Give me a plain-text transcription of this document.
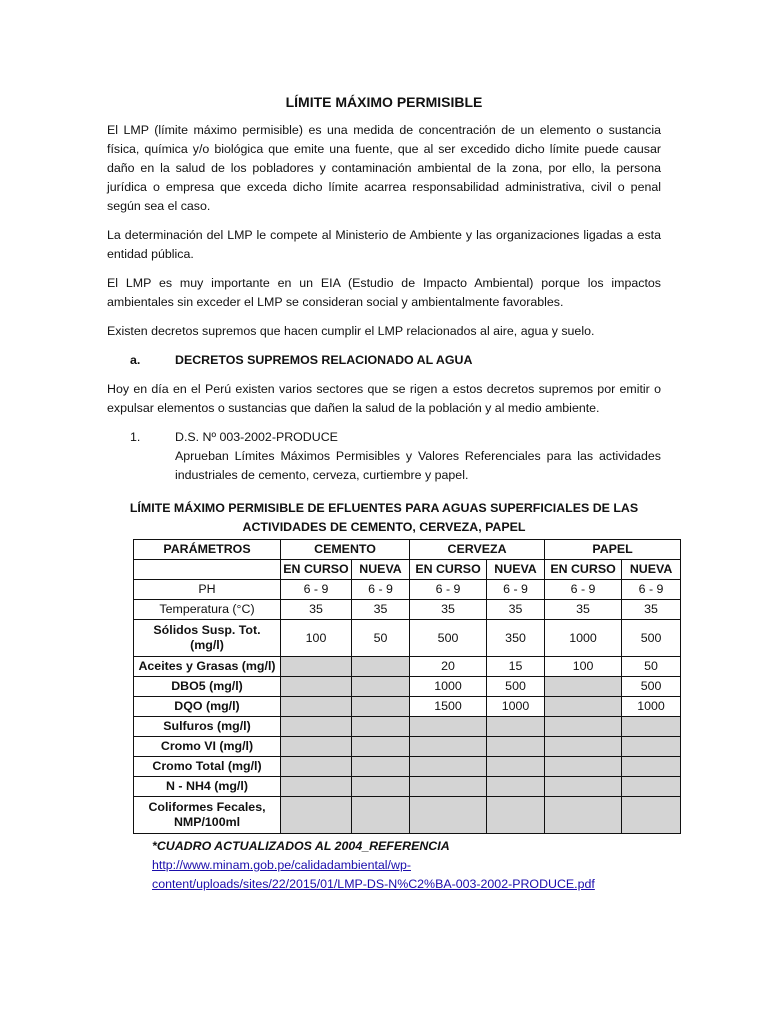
LÍMITE MÁXIMO PERMISIBLE

El LMP (límite máximo permisible) es una medida de concentración de un elemento o sustancia física, química y/o biológica que emite una fuente, que al ser excedido dicho límite puede causar daño en la salud de los pobladores y contaminación ambiental de la zona, por ello, la persona jurídica o empresa que exceda dicho límite acarrea responsabilidad administrativa, civil o penal según sea el caso.

La determinación del LMP le compete al Ministerio de Ambiente y las organizaciones ligadas a esta entidad pública.

El LMP es muy importante en un EIA (Estudio de Impacto Ambiental) porque los impactos ambientales sin exceder el LMP se consideran social y ambientalmente favorables.

Existen decretos supremos que hacen cumplir el LMP relacionados al aire, agua y suelo.

a.	DECRETOS SUPREMOS RELACIONADO AL AGUA

Hoy en día en el Perú existen varios sectores que se rigen a estos decretos supremos por emitir o expulsar elementos o sustancias que dañen la salud de la población y al medio ambiente.

1.	D.S. Nº 003-2002-PRODUCE
Aprueban Límites Máximos Permisibles y Valores Referenciales para las actividades industriales de cemento, cerveza, curtiembre y papel.
LÍMITE MÁXIMO PERMISIBLE DE EFLUENTES PARA AGUAS SUPERFICIALES DE LAS
ACTIVIDADES DE CEMENTO, CERVEZA, PAPEL
PARÁMETROS	CEMENTO		CERVEZA		PAPEL	
	EN CURSO	NUEVA	EN CURSO	NUEVA	EN CURSO	NUEVA
PH	6 - 9	6 - 9	6 - 9	6 - 9	6 - 9	6 - 9
Temperatura (°C)	35	35	35	35	35	35
Sólidos Susp. Tot. (mg/l)	100	50	500	350	1000	500
Aceites y Grasas (mg/l)			20	15	100	50
DBO5 (mg/l)			1000	500		500
DQO (mg/l)			1500	1000		1000
Sulfuros (mg/l)						
Cromo VI (mg/l)						
Cromo Total (mg/l)						
N - NH4 (mg/l)						
Coliformes Fecales, NMP/100ml						
*CUADRO ACTUALIZADOS AL 2004_REFERENCIA
http://www.minam.gob.pe/calidadambiental/wp-
content/uploads/sites/22/2015/01/LMP-DS-N%C2%BA-003-2002-PRODUCE.pdf
